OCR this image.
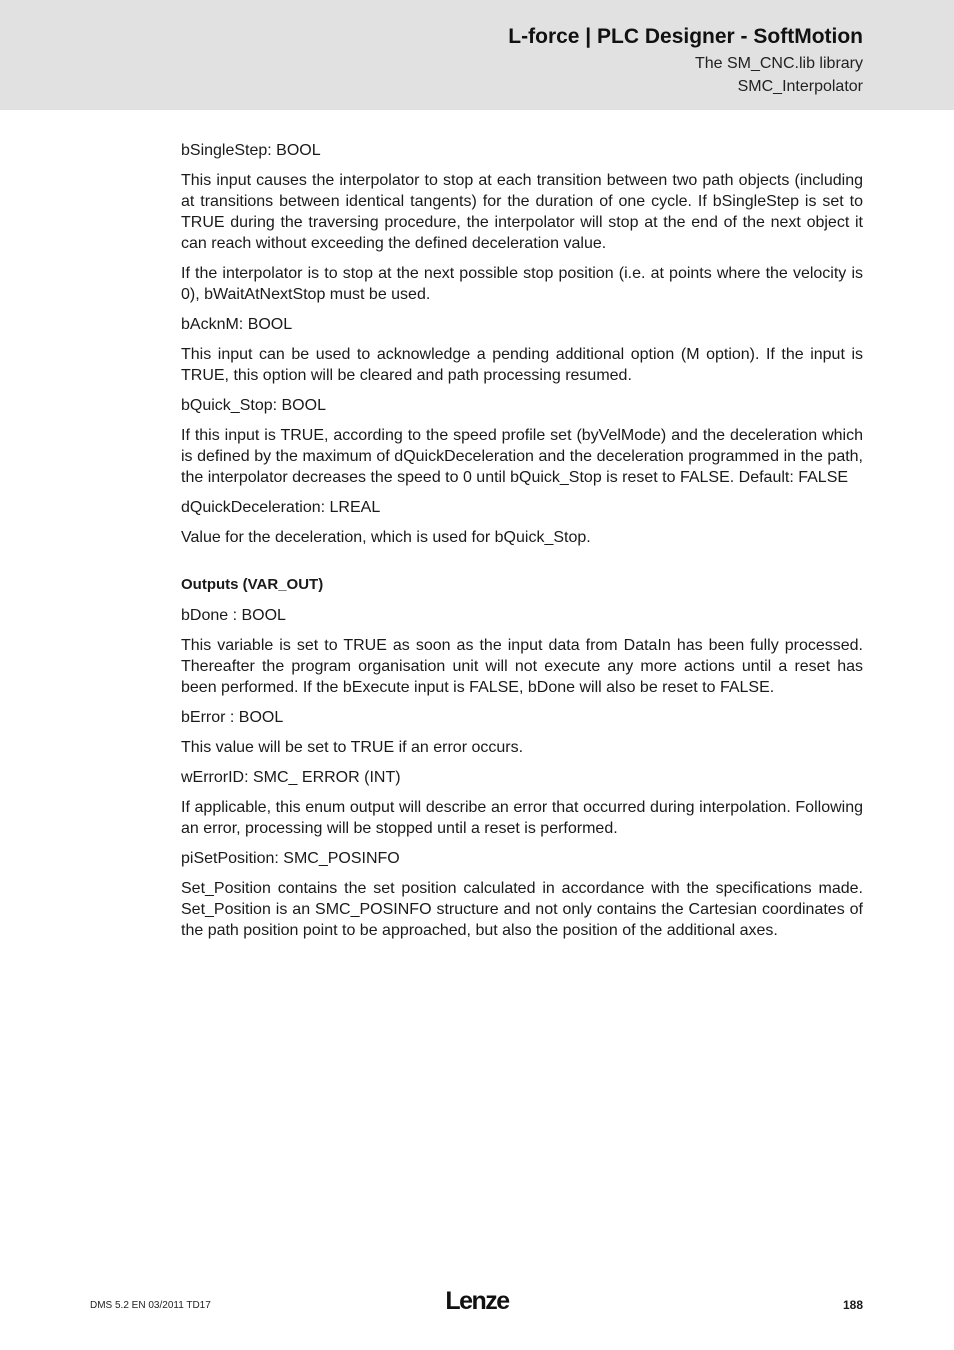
L-force | PLC Designer - SoftMotion
The SM_CNC.lib library
SMC_Interpolator

bSingleStep: BOOL

This input causes the interpolator to stop at each transition between two path objects (including at transitions between identical tangents) for the duration of one cycle. If bSingleStep is set to TRUE during the traversing procedure, the interpolator will stop at the end of the next object it can reach without exceeding the defined deceleration value.

If the interpolator is to stop at the next possible stop position (i.e. at points where the velocity is 0), bWaitAtNextStop must be used.

bAcknM: BOOL

This input can be used to acknowledge a pending additional option (M option). If the input is TRUE, this option will be cleared and path processing resumed.

bQuick_Stop: BOOL

If this input is TRUE, according to the speed profile set (byVelMode) and the deceleration which is defined by the maximum of dQuickDeceleration and the deceleration programmed in the path, the interpolator decreases the speed to 0 until bQuick_Stop is reset to FALSE. Default: FALSE

dQuickDeceleration: LREAL

Value for the deceleration, which is used for bQuick_Stop.

Outputs (VAR_OUT)

bDone : BOOL

This variable is set to TRUE as soon as the input data from DataIn has been fully processed. Thereafter the program organisation unit will not execute any more actions until a reset has been performed. If the bExecute input is FALSE, bDone will also be reset to FALSE.

bError : BOOL

This value will be set to TRUE if an error occurs.

wErrorID: SMC_ ERROR (INT)

If applicable, this enum output will describe an error that occurred during interpolation. Following an error, processing will be stopped until a reset is performed.

piSetPosition: SMC_POSINFO

Set_Position contains the set position calculated in accordance with the specifications made. Set_Position is an SMC_POSINFO structure and not only contains the Cartesian coordinates of the path position point to be approached, but also the position of the additional axes.

DMS 5.2 EN 03/2011 TD17	Lenze	188
